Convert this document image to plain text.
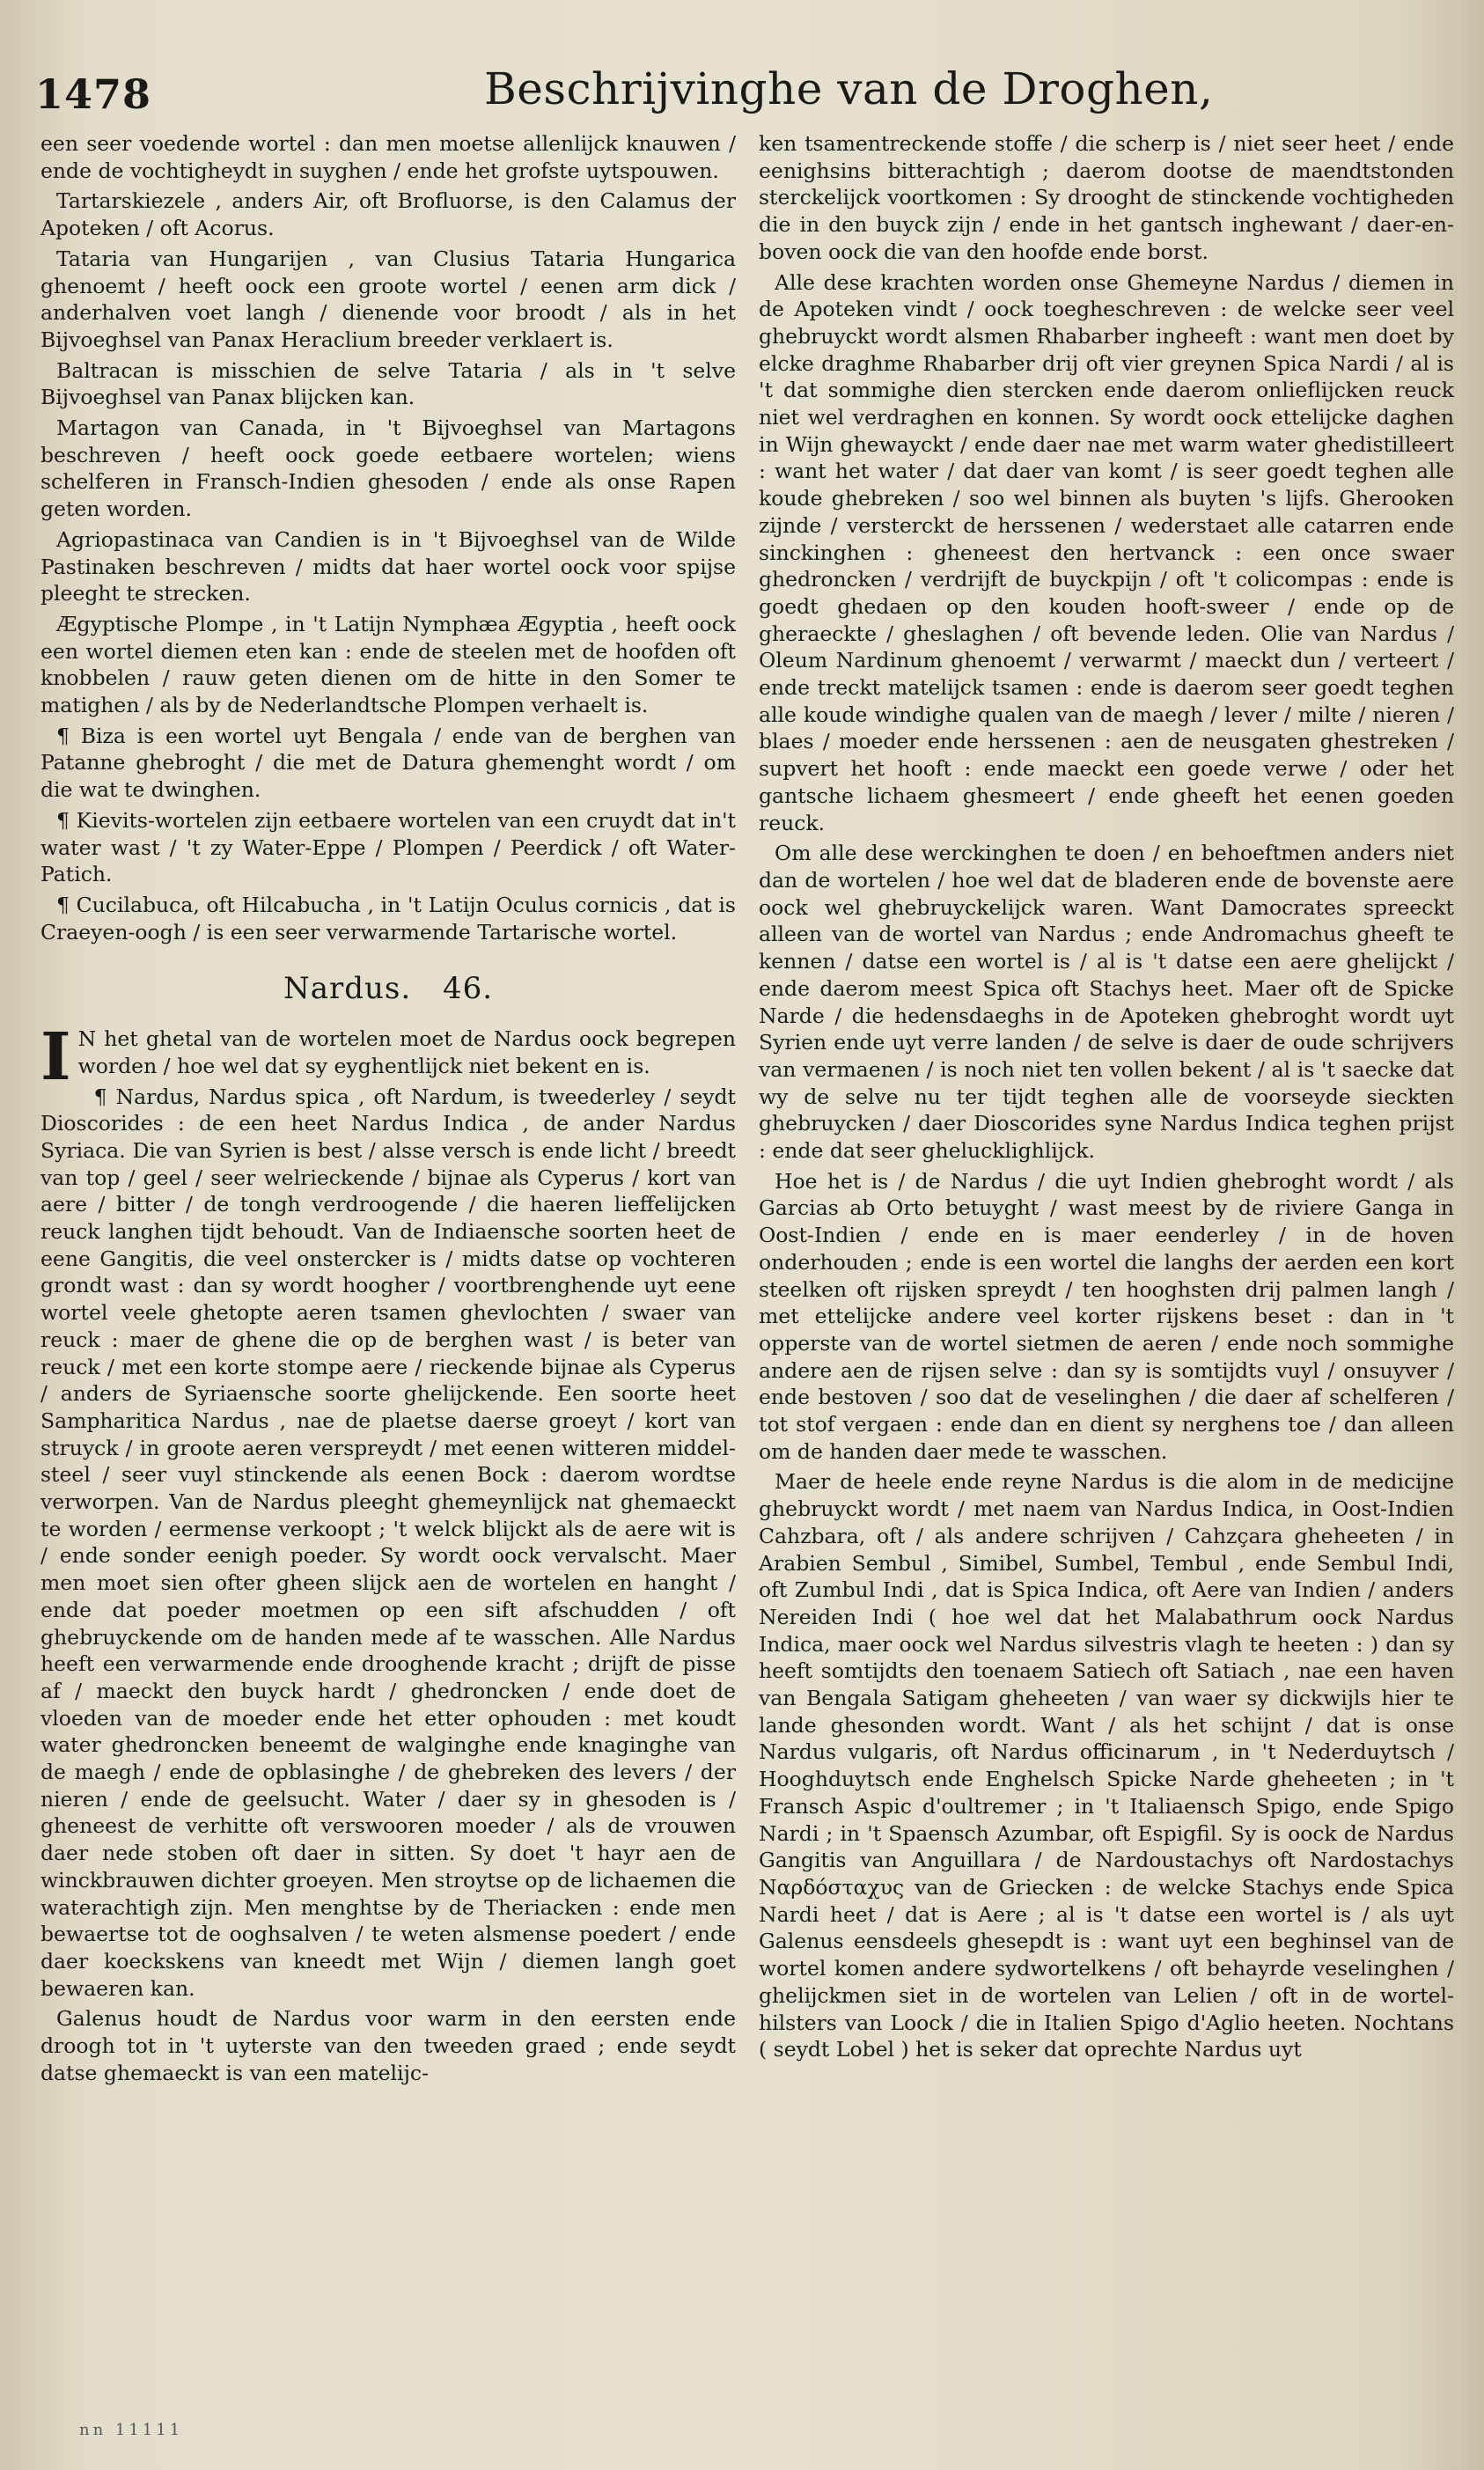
1478	Beschrijvinghe van de Droghen,

een seer voedende wortel : dan men moetse allenlijck knauwen / ende de vochtigheydt in suyghen / ende het grofste uytspouwen.

Tartarskiezele , anders Air, oft Brofluorse, is den Calamus der Apoteken / oft Acorus.

Tataria van Hungarijen , van Clusius Tataria Hungarica ghenoemt / heeft oock een groote wortel / eenen arm dick / anderhalven voet langh / dienende voor broodt / als in het Bijvoeghsel van Panax Heraclium breeder verklaert is.

Baltracan is misschien de selve Tataria / als in 't selve Bijvoeghsel van Panax blijcken kan.

Martagon van Canada, in 't Bijvoeghsel van Martagons beschreven / heeft oock goede eetbaere wortelen; wiens schelferen in Fransch-Indien ghesoden / ende als onse Rapen geten worden.

Agriopastinaca van Candien is in 't Bijvoeghsel van de Wilde Pastinaken beschreven / midts dat haer wortel oock voor spijse pleeght te strecken.

Ægyptische Plompe , in 't Latijn Nymphæa Ægyptia , heeft oock een wortel diemen eten kan : ende de steelen met de hoofden oft knobbelen / rauw geten dienen om de hitte in den Somer te matighen / als by de Nederlandtsche Plompen verhaelt is.

¶ Biza is een wortel uyt Bengala / ende van de berghen van Patanne ghebroght / die met de Datura ghemenght wordt / om die wat te dwinghen.

¶ Kievits-wortelen zijn eetbaere wortelen van een cruydt dat in't water wast / 't zy Water-Eppe / Plompen / Peerdick / oft Water-Patich.

¶ Cucilabuca, oft Hilcabucha , in 't Latijn Oculus cornicis , dat is Craeyen-oogh / is een seer verwarmende Tartarische wortel.

Nardus. 46.

I N het ghetal van de wortelen moet de Nardus oock begrepen worden / hoe wel dat sy eyghentlijck niet bekent en is.

¶ Nardus, Nardus spica , oft Nardum, is tweederley / seydt Dioscorides : de een heet Nardus Indica , de ander Nardus Syriaca. Die van Syrien is best / alsse versch is ende licht / breedt van top / geel / seer welrieckende / bijnae als Cyperus / kort van aere / bitter / de tongh verdroogende / die haeren lieffelijcken reuck langhen tijdt behoudt. Van de Indiaensche soorten heet de eene Gangitis, die veel onstercker is / midts datse op vochteren grondt wast : dan sy wordt hoogher / voortbrenghende uyt eene wortel veele ghetopte aeren tsamen ghevlochten / swaer van reuck : maer de ghene die op de berghen wast / is beter van reuck / met een korte stompe aere / rieckende bijnae als Cyperus / anders de Syriaensche soorte ghelijckende. Een soorte heet Sampharitica Nardus , nae de plaetse daerse groeyt / kort van struyck / in groote aeren verspreydt / met eenen witteren middel-steel / seer vuyl stinckende als eenen Bock : daerom wordtse verworpen. Van de Nardus pleeght ghemeynlijck nat ghemaeckt te worden / eermense verkoopt ; 't welck blijckt als de aere wit is / ende sonder eenigh poeder. Sy wordt oock vervalscht. Maer men moet sien ofter gheen slijck aen de wortelen en hanght / ende dat poeder moetmen op een sift afschudden / oft ghebruyckende om de handen mede af te wasschen. Alle Nardus heeft een verwarmende ende drooghende kracht ; drijft de pisse af / maeckt den buyck hardt / ghedroncken / ende doet de vloeden van de moeder ende het etter ophouden : met koudt water ghedroncken beneemt de walginghe ende knaginghe van de maegh / ende de opblasinghe / de ghebreken des levers / der nieren / ende de geelsucht. Water / daer sy in ghesoden is / gheneest de verhitte oft verswooren moeder / als de vrouwen daer nede stoben oft daer in sitten. Sy doet 't hayr aen de winckbrauwen dichter groeyen. Men stroytse op de lichaemen die waterachtigh zijn. Men menghtse by de Theriacken : ende men bewaertse tot de ooghsalven / te weten alsmense poedert / ende daer koeckskens van kneedt met Wijn / diemen langh goet bewaeren kan.

Galenus houdt de Nardus voor warm in den eersten ende droogh tot in 't uyterste van den tweeden graed ; ende seydt datse ghemaeckt is van een matelijc-

ken tsamentreckende stoffe / die scherp is / niet seer heet / ende eenighsins bitterachtigh ; daerom dootse de maendtstonden sterckelijck voortkomen : Sy drooght de stinckende vochtigheden die in den buyck zijn / ende in het gantsch inghewant / daer-en-boven oock die van den hoofde ende borst.

Alle dese krachten worden onse Ghemeyne Nardus / diemen in de Apoteken vindt / oock toegheschreven : de welcke seer veel ghebruyckt wordt alsmen Rhabarber ingheeft : want men doet by elcke draghme Rhabarber drij oft vier greynen Spica Nardi / al is 't dat sommighe dien stercken ende daerom onlieflijcken reuck niet wel verdraghen en konnen. Sy wordt oock ettelijcke daghen in Wijn ghewayckt / ende daer nae met warm water ghedistilleert : want het water / dat daer van komt / is seer goedt teghen alle koude ghebreken / soo wel binnen als buyten 's lijfs. Gherooken zijnde / versterckt de herssenen / wederstaet alle catarren ende sinckinghen : gheneest den hertvanck : een once swaer ghedroncken / verdrijft de buyckpijn / oft 't colicompas : ende is goedt ghedaen op den kouden hooft-sweer / ende op de gheraeckte / gheslaghen / oft bevende leden. Olie van Nardus / Oleum Nardinum ghenoemt / verwarmt / maeckt dun / verteert / ende treckt matelijck tsamen : ende is daerom seer goedt teghen alle koude windighe qualen van de maegh / lever / milte / nieren / blaes / moeder ende herssenen : aen de neusgaten ghestreken / supvert het hooft : ende maeckt een goede verwe / oder het gantsche lichaem ghesmeert / ende gheeft het eenen goeden reuck.

Om alle dese werckinghen te doen / en behoeftmen anders niet dan de wortelen / hoe wel dat de bladeren ende de bovenste aere oock wel ghebruyckelijck waren. Want Damocrates spreeckt alleen van de wortel van Nardus ; ende Andromachus gheeft te kennen / datse een wortel is / al is 't datse een aere ghelijckt / ende daerom meest Spica oft Stachys heet. Maer oft de Spicke Narde / die hedensdaeghs in de Apoteken ghebroght wordt uyt Syrien ende uyt verre landen / de selve is daer de oude schrijvers van vermaenen / is noch niet ten vollen bekent / al is 't saecke dat wy de selve nu ter tijdt teghen alle de voorseyde sieckten ghebruycken / daer Dioscorides syne Nardus Indica teghen prijst : ende dat seer ghelucklighlijck.

Hoe het is / de Nardus / die uyt Indien ghebroght wordt / als Garcias ab Orto betuyght / wast meest by de riviere Ganga in Oost-Indien / ende en is maer eenderley / in de hoven onderhouden ; ende is een wortel die langhs der aerden een kort steelken oft rijsken spreydt / ten hooghsten drij palmen langh / met ettelijcke andere veel korter rijskens beset : dan in 't opperste van de wortel sietmen de aeren / ende noch sommighe andere aen de rijsen selve : dan sy is somtijdts vuyl / onsuyver / ende bestoven / soo dat de veselinghen / die daer af schelferen / tot stof vergaen : ende dan en dient sy nerghens toe / dan alleen om de handen daer mede te wasschen.

Maer de heele ende reyne Nardus is die alom in de medicijne ghebruyckt wordt / met naem van Nardus Indica, in Oost-Indien Cahzbara, oft / als andere schrijven / Cahzçara gheheeten / in Arabien Sembul , Simibel, Sumbel, Tembul , ende Sembul Indi, oft Zumbul Indi , dat is Spica Indica, oft Aere van Indien / anders Nereiden Indi ( hoe wel dat het Malabathrum oock Nardus Indica, maer oock wel Nardus silvestris vlagh te heeten : ) dan sy heeft somtijdts den toenaem Satiech oft Satiach , nae een haven van Bengala Satigam gheheeten / van waer sy dickwijls hier te lande ghesonden wordt. Want / als het schijnt / dat is onse Nardus vulgaris, oft Nardus officinarum , in 't Nederduytsch / Hooghduytsch ende Enghelsch Spicke Narde gheheeten ; in 't Fransch Aspic d'oultremer ; in 't Italiaensch Spigo, ende Spigo Nardi ; in 't Spaensch Azumbar, oft Espigfil. Sy is oock de Nardus Gangitis van Anguillara / de Nardoustachys oft Nardostachys Ναρδόσταχυς van de Griecken : de welcke Stachys ende Spica Nardi heet / dat is Aere ; al is 't datse een wortel is / als uyt Galenus eensdeels ghesepdt is : want uyt een beghinsel van de wortel komen andere sydwortelkens / oft behayrde veselinghen / ghelijckmen siet in de wortelen van Lelien / oft in de wortel-hilsters van Loock / die in Italien Spigo d'Aglio heeten. Nochtans ( seydt Lobel ) het is seker dat oprechte Nardus uyt

nn 11111
